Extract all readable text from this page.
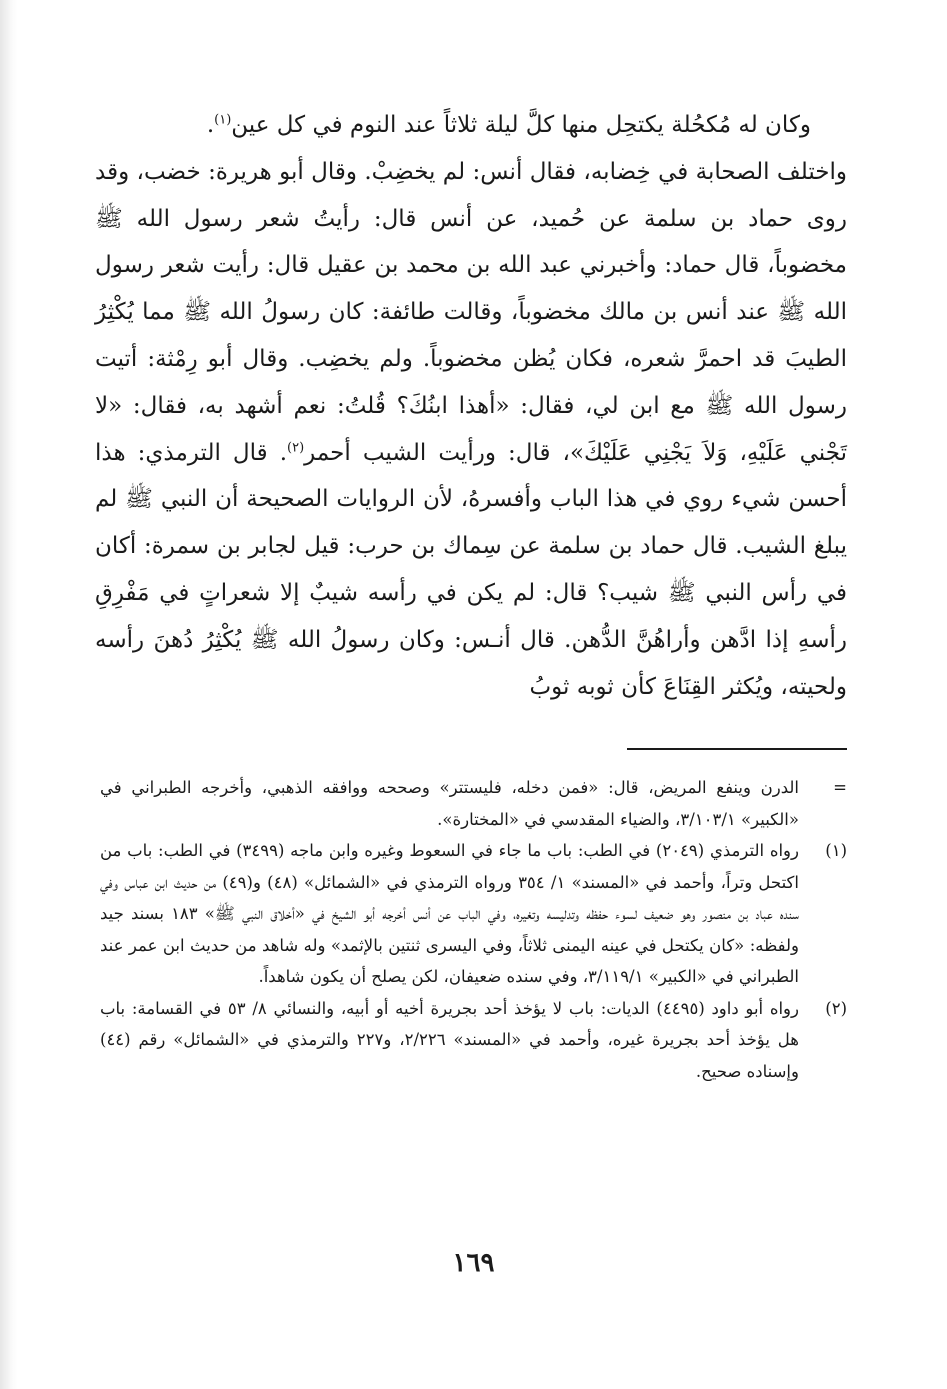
وكان له مُكحُلة يكتحِل منها كلَّ ليلة ثلاثاً عند النوم في كل عين$^{(١)}$.

واختلف الصحابة في خِضابه، فقال أنس: لم يخضِبْ. وقال أبو هريرة: خضب، وقد روى حماد بن سلمة عن حُميد، عن أنس قال: رأيتُ شعر رسول الله ﷺ مخضوباً، قال حماد: وأخبرني عبد الله بن محمد بن عقيل قال: رأيت شعر رسول الله ﷺ عند أنس بن مالك مخضوباً، وقالت طائفة: كان رسولُ الله ﷺ مما يُكْثِرُ الطيبَ قد احمرَّ شعره، فكان يُظن مخضوباً. ولم يخضِب. وقال أبو رِمْثة: أتيت رسول الله ﷺ مع ابن لي، فقال: «أهذا ابنُكَ؟ قُلتُ: نعم أشهد به، فقال: «لا تَجْني عَلَيْهِ، وَلاَ يَجْنِي عَلَيْكَ»، قال: ورأيت الشيب أحمر$^{(٢)}$. قال الترمذي: هذا أحسن شيء روي في هذا الباب وأفسرهُ، لأن الروايات الصحيحة أن النبي ﷺ لم يبلغ الشيب. قال حماد بن سلمة عن سِماك بن حرب: قيل لجابر بن سمرة: أكان في رأس النبي ﷺ شيب؟ قال: لم يكن في رأسه شيبٌ إلا شعراتٍ في مَفْرِقِ رأسهِ إذا ادَّهن وأراهُنَّ الدُّهن. قال أنـس: وكان رسولُ الله ﷺ يُكْثِرُ دُهنَ رأسه ولحيته، ويُكثر القِنَاعَ كأن ثوبه ثوبُ

=

الدرن وينفع المريض، قال: «فمن دخله، فليستتر» وصححه ووافقه الذهبي، وأخرجه الطبراني في «الكبير» ٣/١٠٣/١، والضياء المقدسي في «المختارة».

(١)

رواه الترمذي (٢٠٤٩) في الطب: باب ما جاء في السعوط وغيره وابن ماجه (٣٤٩٩) في الطب: باب من اكتحل وتراً، وأحمد في «المسند» ١/ ٣٥٤ ورواه الترمذي في «الشمائل» (٤٨) و(٤٩) من حديث ابن عباس وفي سنده عباد بن منصور وهو ضعيف لسوء حفظه وتدليسه وتغيره، وفي الباب عن أنس أخرجه أبو الشيخ في «أخلاق النبي ﷺ» ١٨٣ بسند جيد ولفظه: «كان يكتحل في عينه اليمنى ثلاثاً، وفي اليسرى ثنتين بالإثمد» وله شاهد من حديث ابن عمر عند الطبراني في «الكبير» ٣/١١٩/١، وفي سنده ضعيفان، لكن يصلح أن يكون شاهداً.

(٢)

رواه أبو داود (٤٤٩٥) الديات: باب لا يؤخذ أحد بجريرة أخيه أو أبيه، والنسائي ٨/ ٥٣ في القسامة: باب هل يؤخذ أحد بجريرة غيره، وأحمد في «المسند» ٢/٢٢٦، و٢٢٧ والترمذي في «الشمائل» رقم (٤٤) وإسناده صحيح.

١٦٩
